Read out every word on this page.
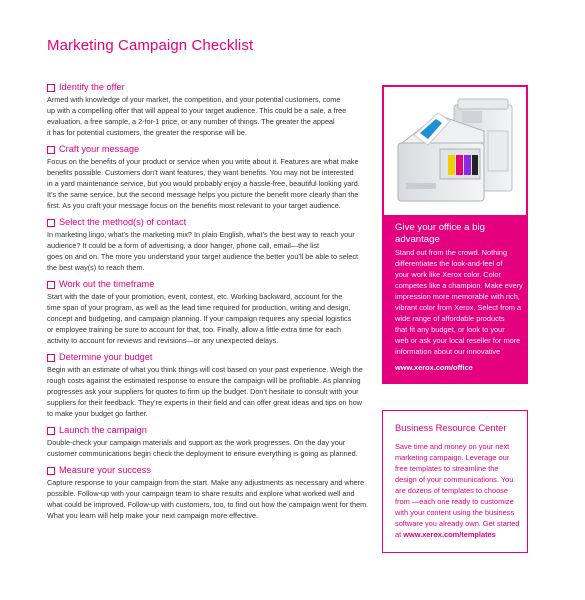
Marketing Campaign Checklist
Identify the offer
Armed with knowledge of your market, the competition, and your potential customers, come
up with a compelling offer that will appeal to your target audience. This could be a sale, a free
evaluation, a free sample, a 2-for-1 price, or any number of things. The greater the appeal
it has for potential customers, the greater the response will be.
Craft your message
Focus on the benefits of your product or service when you write about it. Features are what make
benefits possible. Customers don’t want features, they want benefits. You may not be interested
in a yard maintenance service, but you would probably enjoy a hassle-free, beautiful looking yard.
It’s the same service, but the second message helps you picture the benefit more clearly than the
first. As you craft your message focus on the benefits most relevant to your target audience.
Select the method(s) of contact
In marketing lingo, what’s the marketing mix? In plain English, what’s the best way to reach your
audience? It could be a form of advertising, a door hanger, phone call, email—the list
goes on and on. The more you understand your target audience the better you’ll be able to select
the best way(s) to reach them.
Work out the timeframe
Start with the date of your promotion, event, contest, etc. Working backward, account for the
time span of your program, as well as the lead time required for production, writing and design,
concept and budgeting, and campaign planning. If your campaign requires any special logistics
or employee training be sure to account for that, too. Finally, allow a little extra time for each
activity to account for reviews and revisions—or any unexpected delays.
Determine your budget
Begin with an estimate of what you think things will cost based on your past experience. Weigh the
rough costs against the estimated response to ensure the campaign will be profitable. As planning
progresses ask your suppliers for quotes to firm up the budget. Don’t hesitate to consult with your
suppliers for their feedback. They’re experts in their field and can offer great ideas and tips on how
to make your budget go farther.
Launch the campaign
Double-check your campaign materials and support as the work progresses. On the day your
customer communications begin check the deployment to ensure everything is going as planned.
Measure your success
Capture response to your campaign from the start. Make any adjustments as necessary and where
possible. Follow-up with your campaign team to share results and explore what worked well and
what could be improved. Follow-up with customers, too, to find out how the campaign went for them.
What you learn will help make your next campaign more effective.
Give your office a big
advantage
Stand out from the crowd. Nothing
differentiates the look-and-feel of
your work like Xerox color. Color
competes like a champion. Make every
impression more memorable with rich,
vibrant color from Xerox. Select from a
wide range of affordable products
that fit any budget, or look to your
web or ask your local reseller for more
information about our innovative
www.xerox.com/office
Business Resource Center
Save time and money on your next
marketing campaign. Leverage our
free templates to streamline the
design of your communications. You
are dozens of templates to choose
from —each one ready to customize
with your content using the business
software you already own. Get started
at www.xerox.com/templates
